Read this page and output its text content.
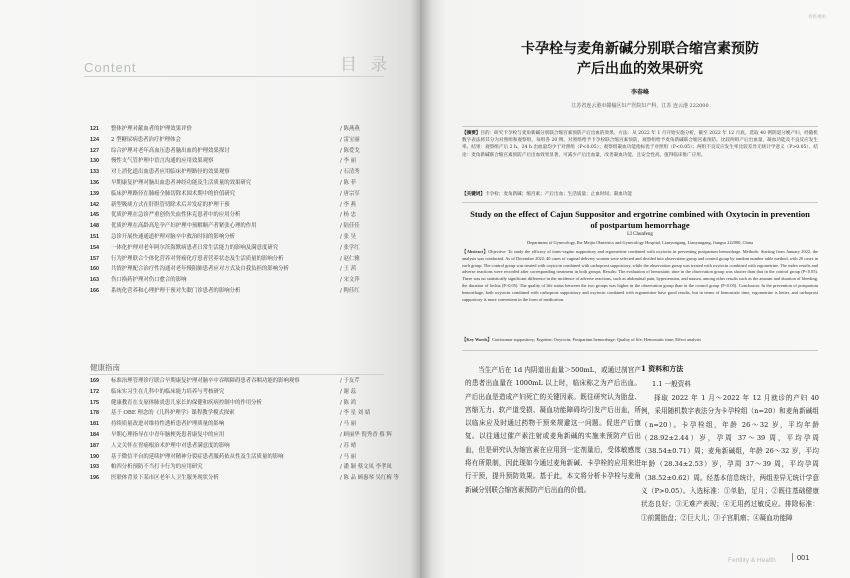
Content	目 录
121	整体护理对献血者的护理效果评价	/ 陈燕燕
124	2 型糖尿病患者治疗护理体会	/ 雷宝丽
127	综合护理对老年高血压患者脑出血的护理效果探讨	/ 陈爱戈
130	慢性支气管护理中语言沟通的应用效果观察	/ 李 丽
133	对上消化道出血患者应用临床护理路径的效果观察	/ 石清秀
136	早期康复护理对脑出血患者神经功能及生活质量的效果研究	/ 陈 菲
139	临床护理路径在肺癌全肺切除术围术期中的价值研究	/ 唐宗军
142	新型吸痰方式在肝胆管切除术后并发症的护理干预	/ 李 燕
145	优质护理在急诊严重创伤失血性休克患者中的应用分析	/ 杨 忠
148	优质护理在高龄高危孕产妇护理中预解顺产者紧张心理的作用	/ 陆佳佳
151	急诊开展快速通道护理对脑卒中救治时间的影响分析	/ 张 昊
154	一体化护理对老年阿尔茨海默病患者日常生活能力的影响及满意度研究	/ 张学红
157	行为护理联合个体化营养对肾癌化疗患者营养状态及生活质量的影响分析	/ 赵仁雅
160	共情护理配合治疗性沟通对老年慢阻肺患者应对方式及自我负担的影响分析	/ 王 茜
163	伤口换药护理对伤口愈合的影响	/ 宋文萍
166	系统化营养和心理护理干预对失眠门诊患者的影响分析	/ 陶佳红
健康指南
169	标准治理管理诊疗联合早期康复护理对脑卒中吞咽障碍患者吞咽功能的影响观察	/ 于友芹
172	临床实习生在儿科中的临床能力培养与考核研究	/ 谢 蕊
175	健康教育在支原体肺炎患儿家长的保健和疾病控制中的作用分析	/ 陈 鸿
178	基于 OBE 理念的《儿科护理学》课程教学模式探索	/ 李 星 刘 婧
181	持续质量改进对维持性透析患者护理质量的影响	/ 马 丽
184	早期心理指导在中青年脑梗死患者康复中的应用	/ 顾丽华 倪秀香 蔡 辉
187	人文关怀在胃癌根治术护理中对患者满意度的影响	/ 苏 晴
190	基于微信平台的延续护理对精神分裂症患者服药依从性及生活质量的影响	/ 马 丽
193	帕四分析预防不当打卡行为的应用研究	/ 潘 颖 蔡文凤 李孝凤
196	医联体背景下某市区老年人卫生服务现状分析	/ 陈 品 顾惠琴 吴红梅 等
名医视角
卡孕栓与麦角新碱分别联合缩宫素预防
产后出血的效果研究
李春峰
江苏省连云港市赣榆区妇产医院妇产科，江苏 连云港 222000
【摘要】目的：研究卡孕栓与麦角新碱分别联合缩宫素预防产后出血的效果。方法：从 2022 年 1 月开始实施分析，截至 2022 年 12 月底，选取 40 例阴道分娩产妇，经随机数字表法将其分为对照组和观察组，每组各 20 例。对照组给予卡孕栓联合缩宫素预防，观察组给予麦角新碱联合缩宫素预防。比较两组产后出血量、凝血功能及不良反应发生率。结果：观察组产后 2 h、24 h 出血量均少于对照组（P<0.05）；观察组凝血功能指标优于对照组（P<0.05）；两组不良反应发生率比较差异无统计学意义（P>0.05）。结论：麦角新碱联合缩宫素预防产后出血效果显著，可减少产后出血量，改善凝血功能，且安全性高，值得临床推广应用。
【关键词】卡孕栓；麦角新碱；缩宫素；产后出血；生活质量；止血时间；凝血功能
Study on the effect of Cajun Suppositor and ergotrine combined with Oxytocin in prevention of postpartum hemorrhage
LI Chunfeng
Department of Gynecology, Ihe Meijia Obstetrics and Gynecology Hospital, Lianyungang, Lianyungang, Jiangsu 222000, China
【Abstract】Objective: To study the efficacy of trans-vagino suppository and ergometrine combined with oxytocin in preventing postpartum hemorrhage. Methods: Starting from January 2022, the analysis was conducted. As of December 2022, 40 cases of vaginal delivery women were selected and divided into observation group and control group by random number table method, with 20 cases in each group. The control group was treated with oxytocin combined with carboprost suppository, while the observation group was treated with oxytocin combined with ergometrine. The index results and adverse reactions were recorded after corresponding treatment in both groups. Results: The evaluation of hemostatic time in the observation group was shorter than that in the control group (P<0.05). There was no statistically significant difference in the incidence of adverse reactions, such as abdominal pain, hypertension, and nausea, among other results such as the amount and duration of bleeding, the duration of lochia (P>0.05). The quality of life status between the two groups was higher in the observation group than in the control group (P<0.05). Conclusion: In the prevention of postpartum hemorrhage, both oxytocin combined with carboprost suppository and oxytocin combined with ergometrine have good results, but in terms of hemostatic time, ergometrine is better, and carboprost suppository is more convenient in the form of medication.
【Key Words】Carcinomar suppository; Ergotine; Oxytocin; Postpartum hemorrhage; Quality of life; Hemostatic time; Effect analysis
当生产后在 1d 内阴道出血量＞500mL，或通过剖宫产的患者出血量在 1000mL 以上时，临床称之为产后出血。产后出血是造成产妇死亡的关键因素。既往研究认为胎盘、宫缩无力、软产道受损、凝血功能障碍均引发产后出血，所以临床应及时通过药物干预来规避这一问题。促进产后康复。以往通过催产素注射或麦角新碱的实施来预防产后出血，但是研究认为缩宫素在应用到一定剂量后，受体敏感度将有所限制，因此现如今通过麦角新碱、卡孕栓的应用来进行干预，提升预防效果。基于此，本文将分析卡孕栓与麦角新碱分别联合缩宫素预防产后出血的价值。
1 资料和方法
1.1 一般资料
择取 2022 年 1 月～2022 年 12 月就诊的产妇 40 例，采用随机数字表法分为卡孕栓组（n=20）和麦角新碱组（n=20）。卡孕栓组，年龄 26～32 岁，平均年龄（28.92±2.44）岁，孕周 37～39 周，平均孕周（38.54±0.71）周；麦角新碱组，年龄 26～32 岁，平均年龄（28.34±2.53）岁，孕周 37～39 周，平均孕周（38.52±0.62）周。经基本信息统计，两组差异无统计学意义（P>0.05）。入选标准：①单胎，足月；②既往基础健康状态良好；③无难产表现；④无用药过敏反应。排除标准：①前置胎盘；②巨大儿；③子宫肌瘤；④凝血功能障
Fertility & Health	001
